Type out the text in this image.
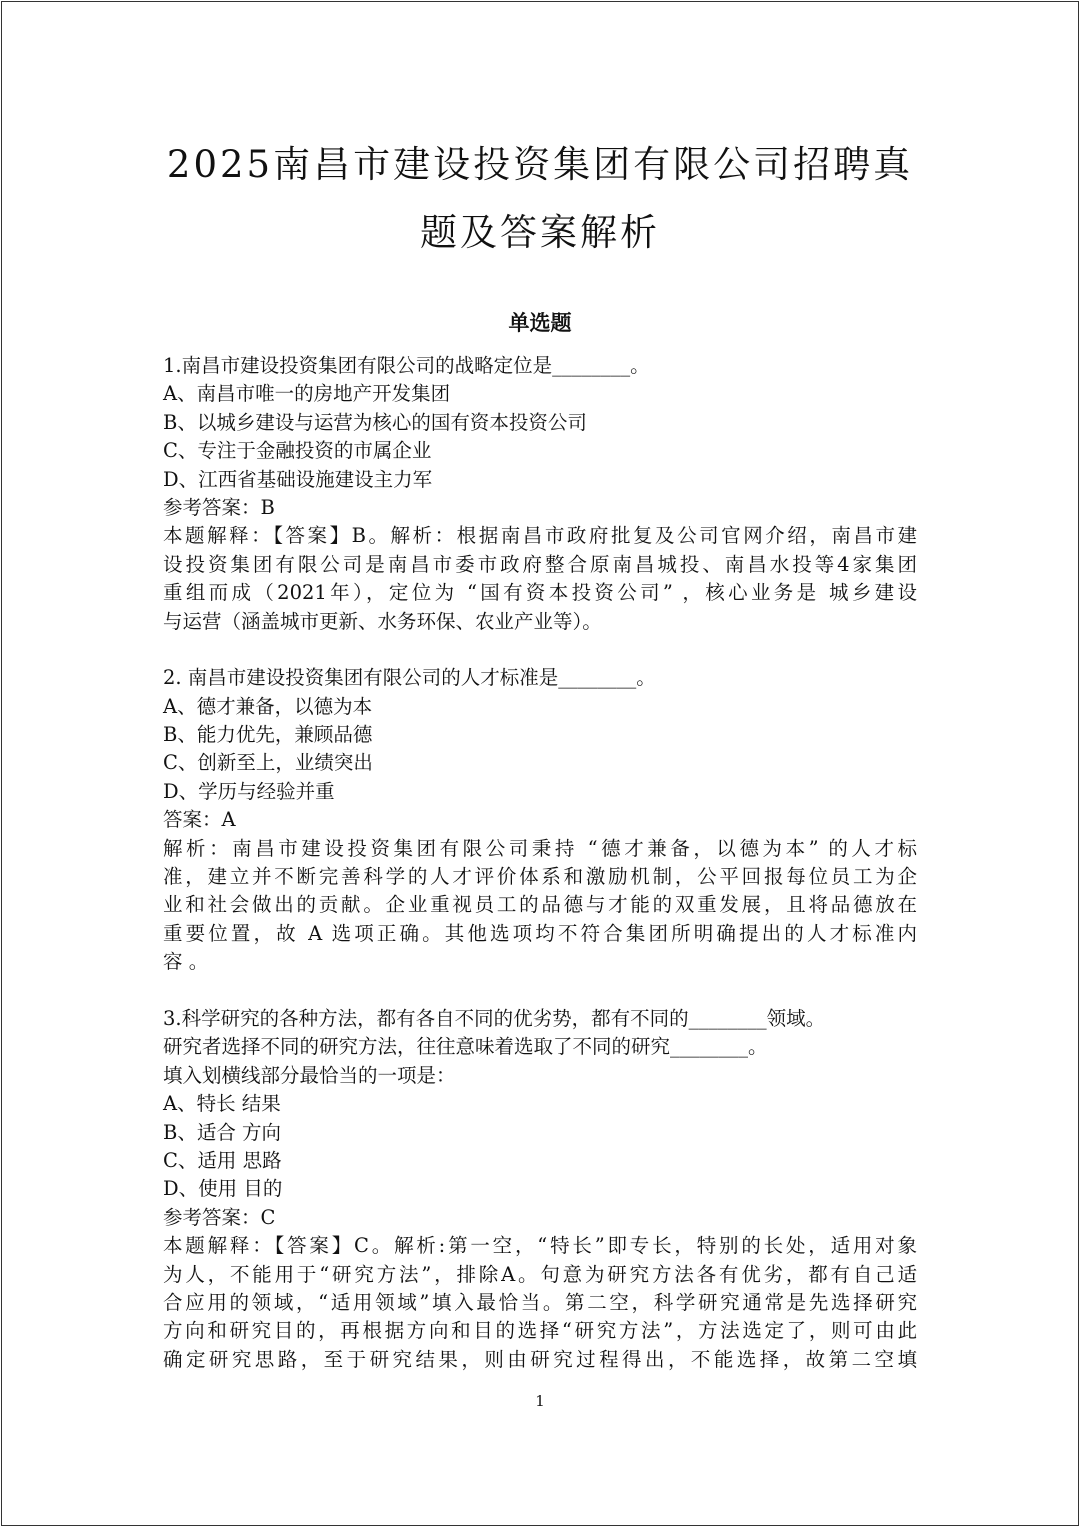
2025南昌市建设投资集团有限公司招聘真
题及答案解析
单选题
1.南昌市建设投资集团有限公司的战略定位是________。
A、南昌市唯一的房地产开发集团
B、以城乡建设与运营为核心的国有资本投资公司
C、专注于金融投资的市属企业
D、江西省基础设施建设主力军
参考答案：B
本题解释：【答案】B。解析：根据南昌市政府批复及公司官网介绍，南昌市建
设投资集团有限公司是南昌市委市政府整合原南昌城投、南昌水投等4家集团
重组而成（2021年），定位为 “国有资本投资公司” ，核心业务是 城乡建设
与运营（涵盖城市更新、水务环保、农业产业等）。
2. 南昌市建设投资集团有限公司的人才标准是________。
A、德才兼备，以德为本
B、能力优先，兼顾品德
C、创新至上，业绩突出
D、学历与经验并重
答案：A
解析：南昌市建设投资集团有限公司秉持 “德才兼备，以德为本” 的人才标
准，建立并不断完善科学的人才评价体系和激励机制，公平回报每位员工为企
业和社会做出的贡献。企业重视员工的品德与才能的双重发展，且将品德放在
重要位置，故 A 选项正确。其他选项均不符合集团所明确提出的人才标准内
容 。
3.科学研究的各种方法，都有各自不同的优劣势，都有不同的________领域。
研究者选择不同的研究方法，往往意味着选取了不同的研究________。
填入划横线部分最恰当的一项是：
A、特长 结果
B、适合 方向
C、适用 思路
D、使用 目的
参考答案：C
本题解释：【答案】C。解析:第一空，“特长”即专长，特别的长处，适用对象
为人，不能用于“研究方法”，排除A。句意为研究方法各有优劣，都有自己适
合应用的领域，“适用领域”填入最恰当。第二空，科学研究通常是先选择研究
方向和研究目的，再根据方向和目的选择“研究方法”，方法选定了，则可由此
确定研究思路，至于研究结果，则由研究过程得出，不能选择，故第二空填
1
